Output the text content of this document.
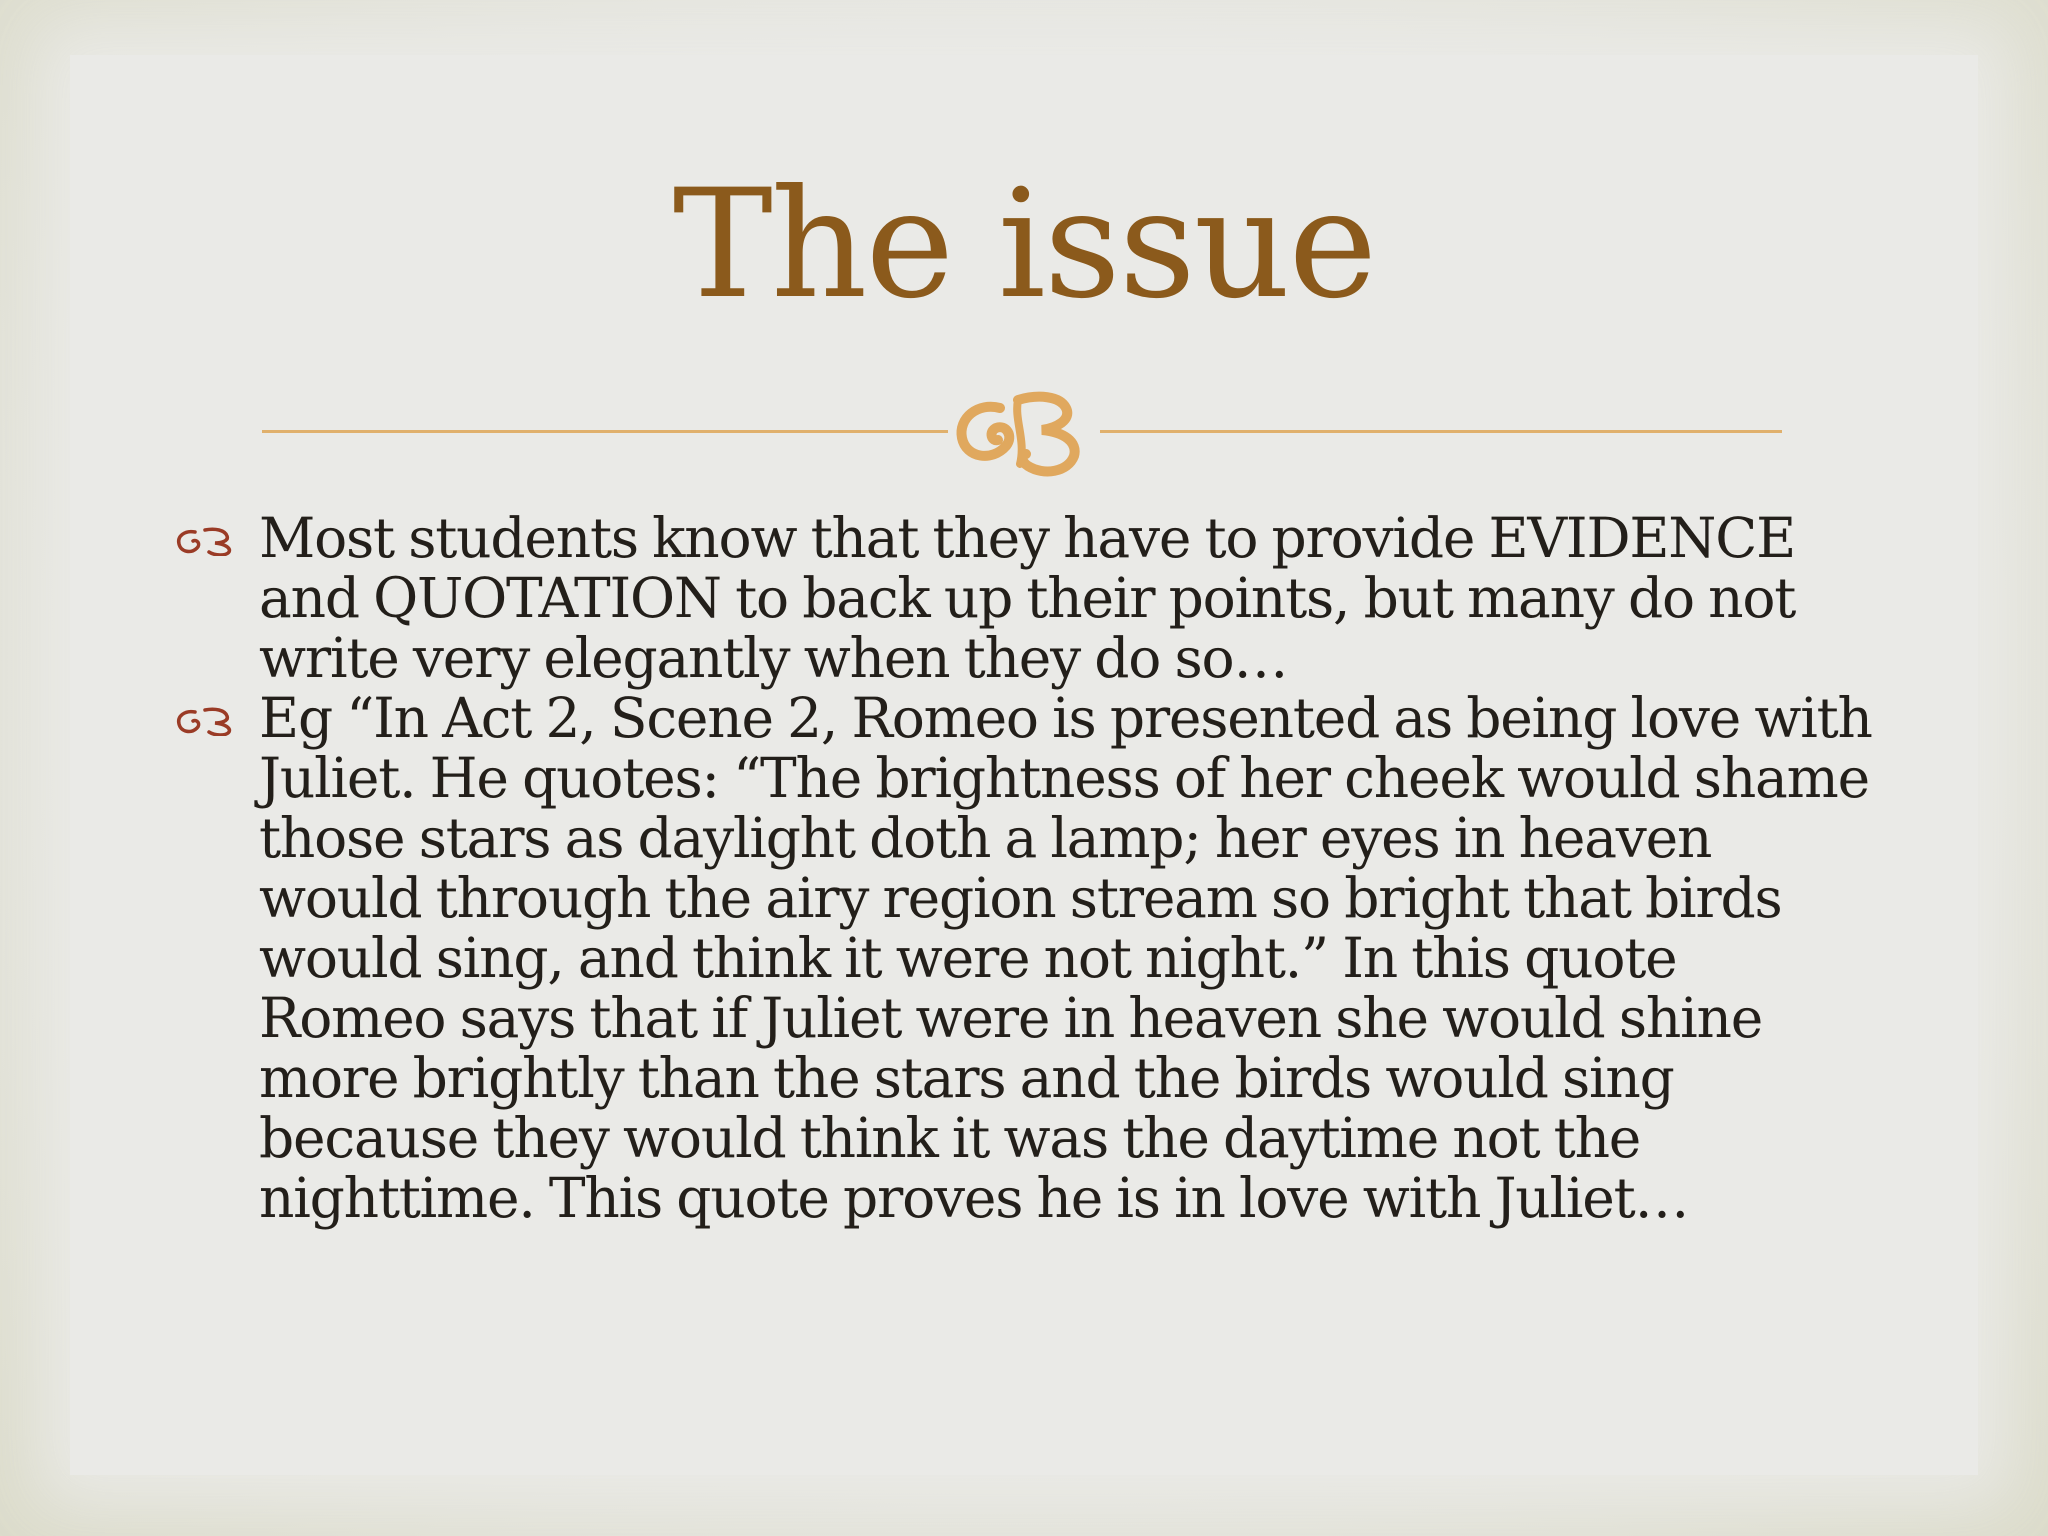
The issue
Most students know that they have to provide EVIDENCE and QUOTATION to back up their points, but many do not write very elegantly when they do so…
Eg “In Act 2, Scene 2, Romeo is presented as being love with Juliet. He quotes: “The brightness of her cheek would shame those stars as daylight doth a lamp; her eyes in heaven would through the airy region stream so bright that birds would sing, and think it were not night.” In this quote Romeo says that if Juliet were in heaven she would shine more brightly than the stars and the birds would sing because they would think it was the daytime not the nighttime. This quote proves he is in love with Juliet…
